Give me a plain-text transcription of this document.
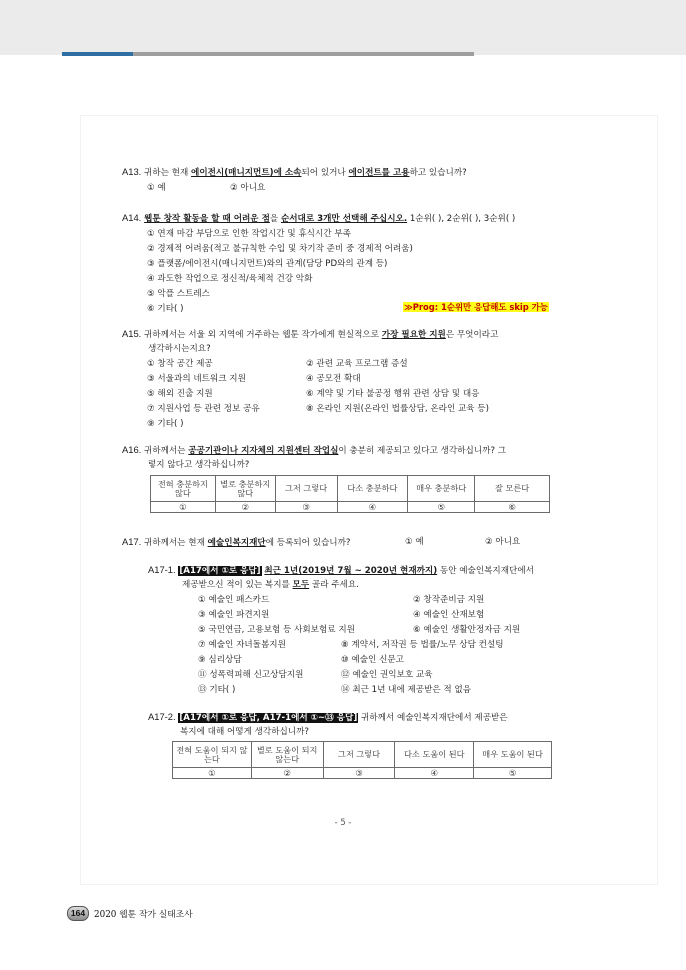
A13. 귀하는 현재 에이전시(매니지먼트)에 소속되어 있거나 에이전트를 고용하고 있습니까?
① 예	② 아니요
A14. 웹툰 창작 활동을 할 때 어려운 점을 순서대로 3개만 선택해 주십시오. 1순위( ), 2순위( ), 3순위( )
① 연재 마감 부담으로 인한 작업시간 및 휴식시간 부족
② 경제적 어려움(적고 불규칙한 수입 및 차기작 준비 중 경제적 어려움)
③ 플랫폼/에이전시(매니지먼트)와의 관계(담당 PD와의 관계 등)
④ 과도한 작업으로 정신적/육체적 건강 악화
⑤ 악플 스트레스
⑥ 기타( )	≫Prog: 1순위만 응답해도 skip 가능
A15. 귀하께서는 서울 외 지역에 거주하는 웹툰 작가에게 현실적으로 가장 필요한 지원은 무엇이라고
생각하시는지요?
① 창작 공간 제공	② 관련 교육 프로그램 증설
③ 서울과의 네트워크 지원	④ 공모전 확대
⑤ 해외 진출 지원	⑥ 계약 및 기타 불공정 행위 관련 상담 및 대응
⑦ 지원사업 등 관련 정보 공유	⑧ 온라인 지원(온라인 법률상담, 온라인 교육 등)
⑨ 기타( )
A16. 귀하께서는 공공기관이나 지자체의 지원센터 작업실이 충분히 제공되고 있다고 생각하십니까? 그
렇지 않다고 생각하십니까?
전혀 충분하지 않다	별로 충분하지 않다	그저 그렇다	다소 충분하다	매우 충분하다	잘 모른다
①	②	③	④	⑤	⑥
A17. 귀하께서는 현재 예술인복지재단에 등록되어 있습니까?	① 예	② 아니요
A17-1. [A17에서 ①로 응답] 최근 1년(2019년 7월 ~ 2020년 현재까지) 동안 예술인복지재단에서
제공받으신 적이 있는 복지를 모두 골라 주세요.
① 예술인 패스카드	② 창작준비금 지원
③ 예술인 파견지원	④ 예술인 산재보험
⑤ 국민연금, 고용보험 등 사회보험료 지원	⑥ 예술인 생활안정자금 지원
⑦ 예술인 자녀돌봄지원	⑧ 계약서, 저작권 등 법률/노무 상담 컨설팅
⑨ 심리상담	⑩ 예술인 신문고
⑪ 성폭력피해 신고상담지원	⑫ 예술인 권익보호 교육
⑬ 기타( )	⑭ 최근 1년 내에 제공받은 적 없음
A17-2. [A17에서 ①로 응답, A17-1에서 ①~⑬ 응답] 귀하께서 예술인복지재단에서 제공받은
복지에 대해 어떻게 생각하십니까?
전혀 도움이 되지 않는다	별로 도움이 되지 않는다	그저 그렇다	다소 도움이 된다	매우 도움이 된다
①	②	③	④	⑤
- 5 -
164	2020 웹툰 작가 실태조사
